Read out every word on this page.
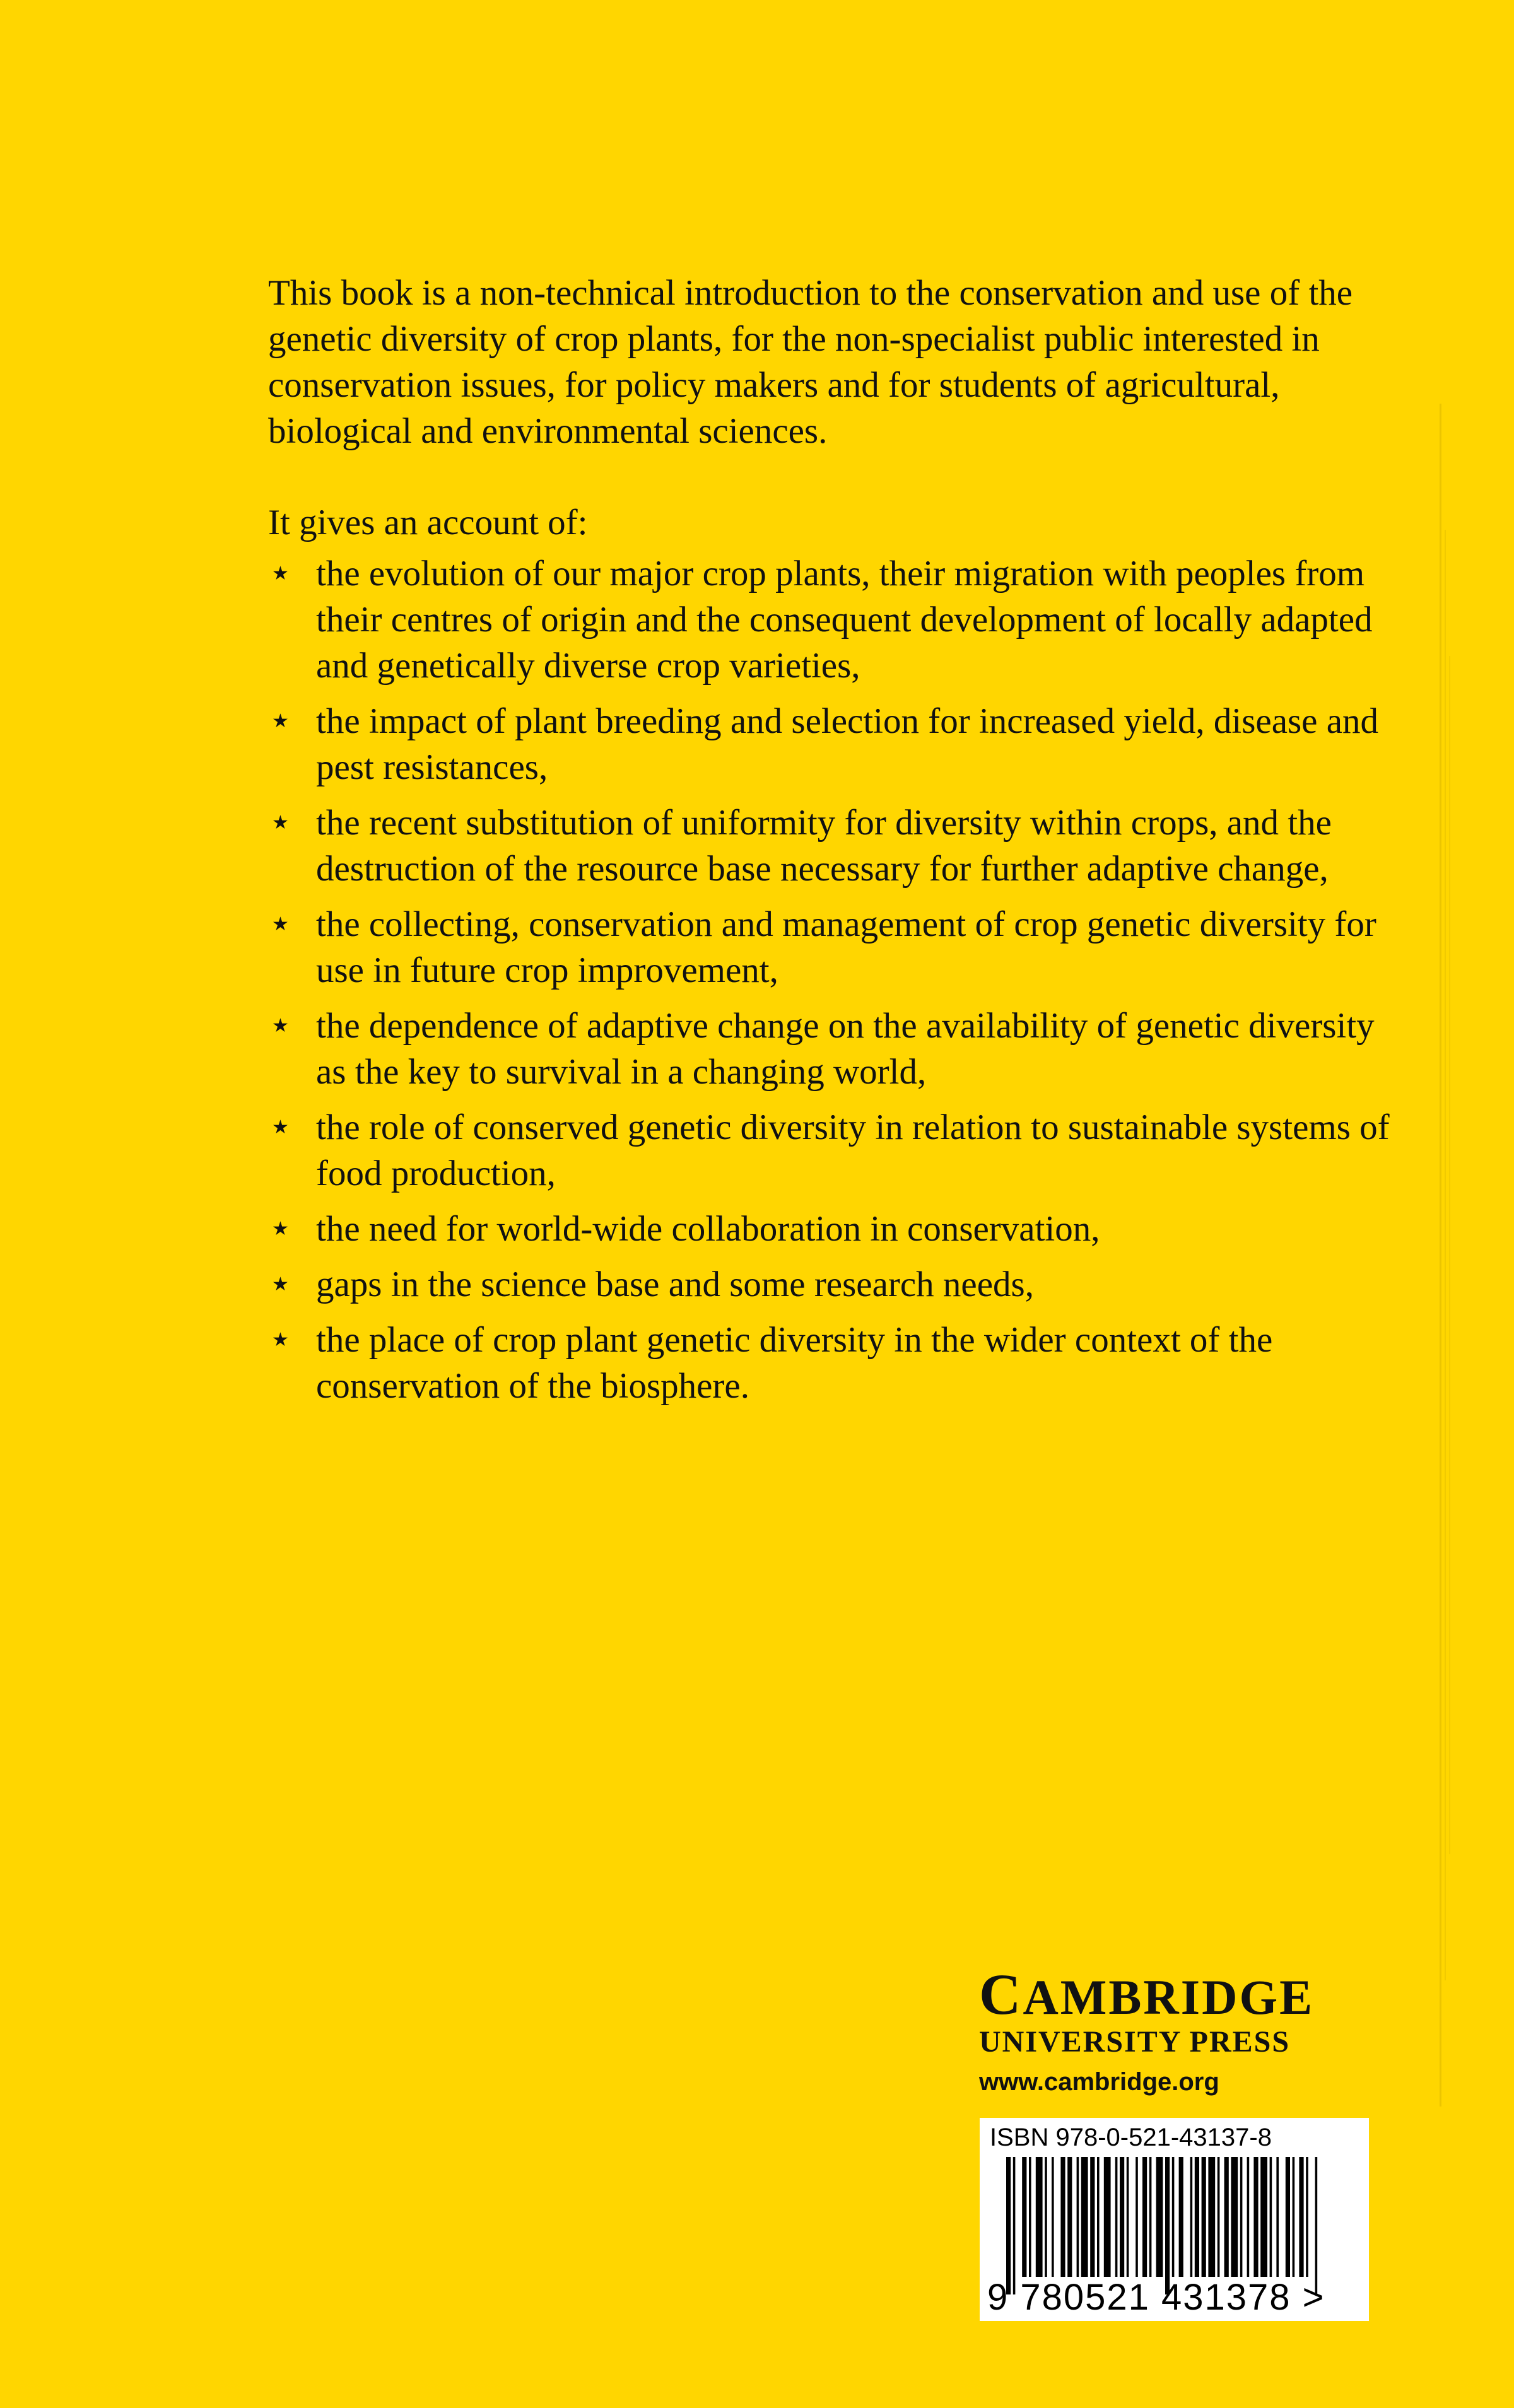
This book is a non-technical introduction to the conservation and use of the genetic diversity of crop plants, for the non-specialist public interested in conservation issues, for policy makers and for students of agricultural, biological and environmental sciences.

It gives an account of:

★ the evolution of our major crop plants, their migration with peoples from their centres of origin and the consequent development of locally adapted and genetically diverse crop varieties,
★ the impact of plant breeding and selection for increased yield, disease and pest resistances,
★ the recent substitution of uniformity for diversity within crops, and the destruction of the resource base necessary for further adaptive change,
★ the collecting, conservation and management of crop genetic diversity for use in future crop improvement,
★ the dependence of adaptive change on the availability of genetic diversity as the key to survival in a changing world,
★ the role of conserved genetic diversity in relation to sustainable systems of food production,
★ the need for world-wide collaboration in conservation,
★ gaps in the science base and some research needs,
★ the place of crop plant genetic diversity in the wider context of the conservation of the biosphere.
CAMBRIDGE
UNIVERSITY PRESS
www.cambridge.org
ISBN 978-0-521-43137-8
9 780521 431378 >
